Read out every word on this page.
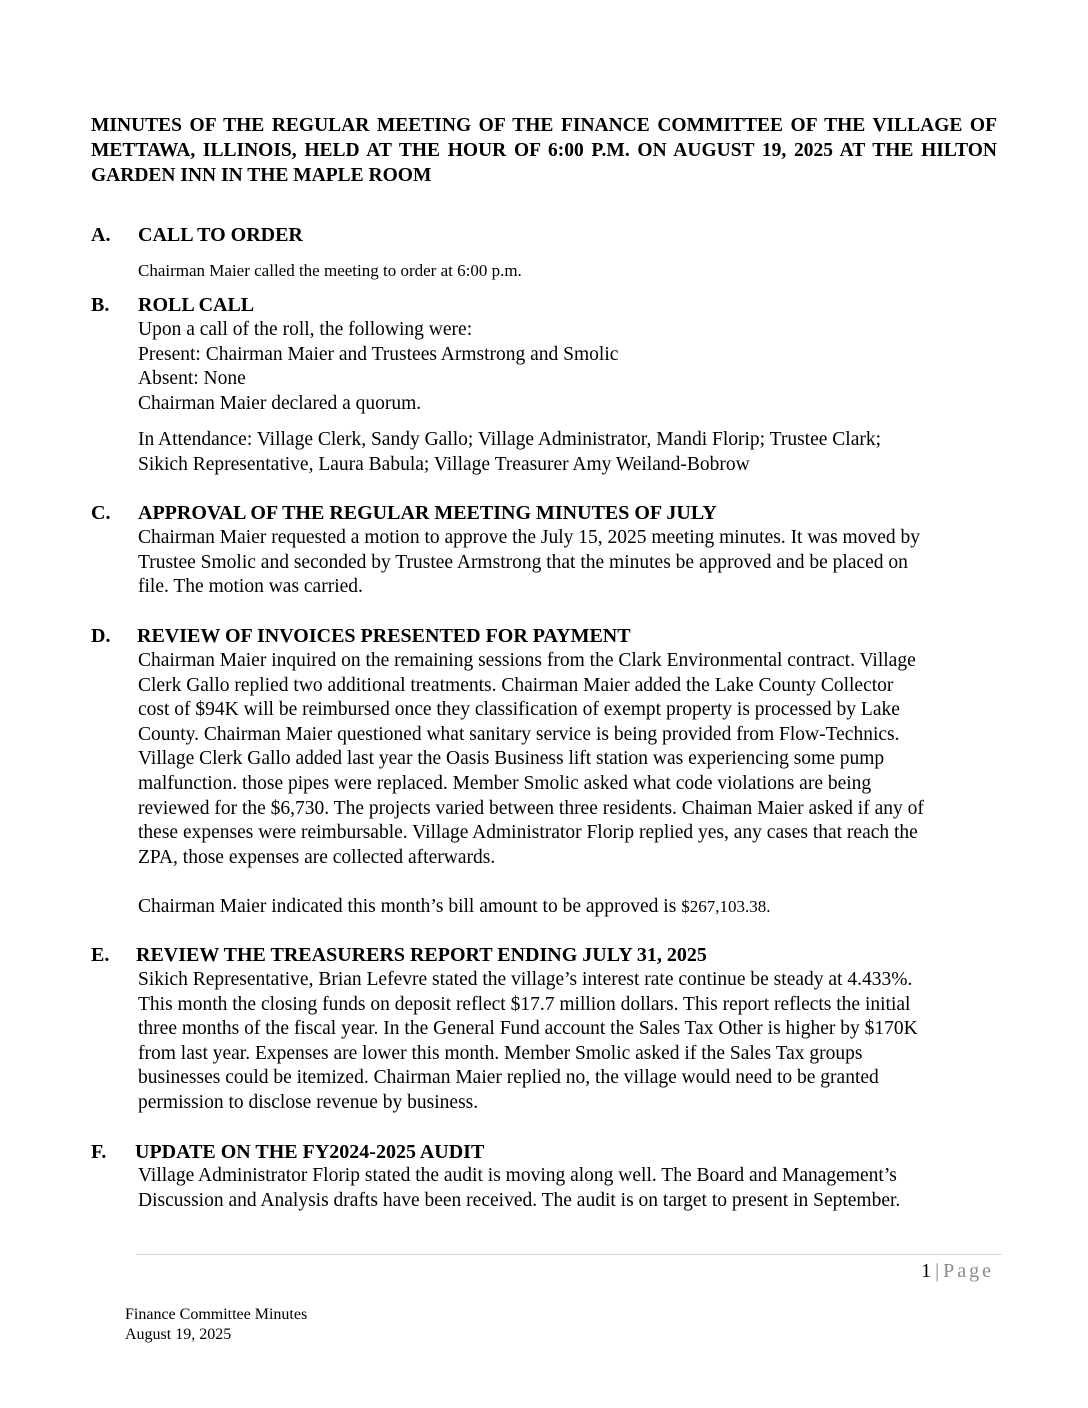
MINUTES OF THE REGULAR MEETING OF THE FINANCE COMMITTEE OF THE VILLAGE OF METTAWA, ILLINOIS, HELD AT THE HOUR OF 6:00 P.M. ON AUGUST 19, 2025 AT THE HILTON GARDEN INN IN THE MAPLE ROOM
A. CALL TO ORDER
Chairman Maier called the meeting to order at 6:00 p.m.
B. ROLL CALL
Upon a call of the roll, the following were:
Present: Chairman Maier and Trustees Armstrong and Smolic
Absent: None
Chairman Maier declared a quorum.
In Attendance: Village Clerk, Sandy Gallo; Village Administrator, Mandi Florip; Trustee Clark;
Sikich Representative, Laura Babula; Village Treasurer Amy Weiland-Bobrow
C. APPROVAL OF THE REGULAR MEETING MINUTES OF JULY
Chairman Maier requested a motion to approve the July 15, 2025 meeting minutes. It was moved by
Trustee Smolic and seconded by Trustee Armstrong that the minutes be approved and be placed on
file. The motion was carried.
D. REVIEW OF INVOICES PRESENTED FOR PAYMENT
Chairman Maier inquired on the remaining sessions from the Clark Environmental contract. Village
Clerk Gallo replied two additional treatments. Chairman Maier added the Lake County Collector
cost of $94K will be reimbursed once they classification of exempt property is processed by Lake
County. Chairman Maier questioned what sanitary service is being provided from Flow-Technics.
Village Clerk Gallo added last year the Oasis Business lift station was experiencing some pump
malfunction. those pipes were replaced. Member Smolic asked what code violations are being
reviewed for the $6,730. The projects varied between three residents. Chaiman Maier asked if any of
these expenses were reimbursable. Village Administrator Florip replied yes, any cases that reach the
ZPA, those expenses are collected afterwards.
Chairman Maier indicated this month’s bill amount to be approved is $267,103.38.
E. REVIEW THE TREASURERS REPORT ENDING JULY 31, 2025
Sikich Representative, Brian Lefevre stated the village’s interest rate continue be steady at 4.433%.
This month the closing funds on deposit reflect $17.7 million dollars. This report reflects the initial
three months of the fiscal year. In the General Fund account the Sales Tax Other is higher by $170K
from last year. Expenses are lower this month. Member Smolic asked if the Sales Tax groups
businesses could be itemized. Chairman Maier replied no, the village would need to be granted
permission to disclose revenue by business.
F. UPDATE ON THE FY2024-2025 AUDIT
Village Administrator Florip stated the audit is moving along well. The Board and Management’s
Discussion and Analysis drafts have been received. The audit is on target to present in September.
1 | Page
Finance Committee Minutes
August 19, 2025
